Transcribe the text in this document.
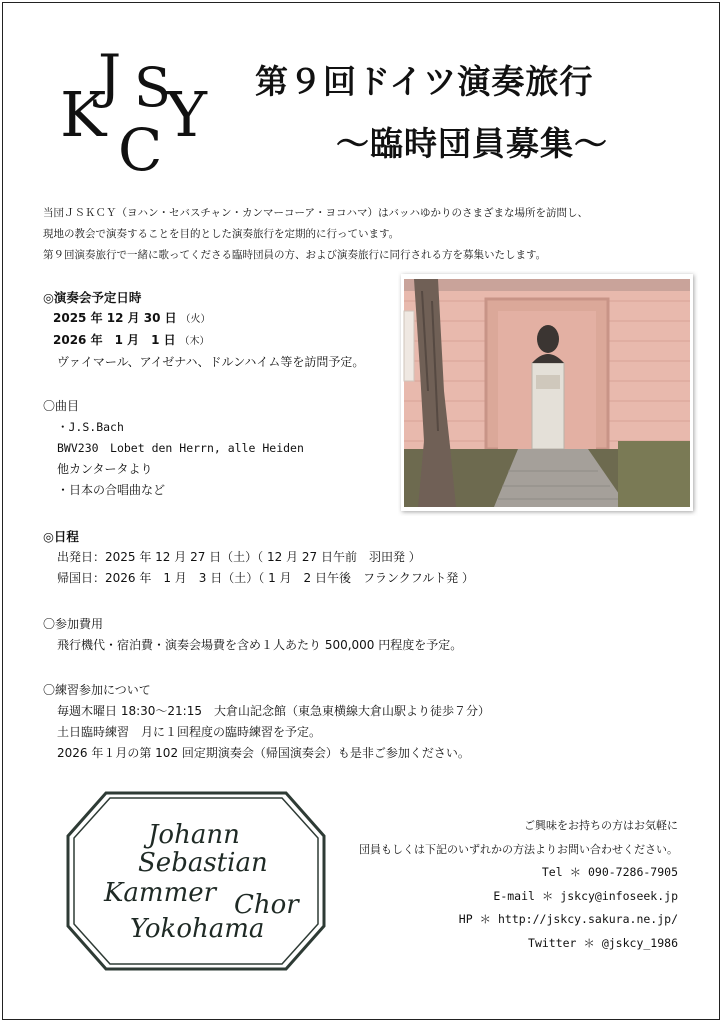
J S
K C Y 第９回ドイツ演奏旅行
～臨時団員募集～
当団ＪＳＫＣＹ（ヨハン・セバスチャン・カンマーコーア・ヨコハマ）はバッハゆかりのさまざまな場所を訪問し、
現地の教会で演奏することを目的とした演奏旅行を定期的に行っています。
第９回演奏旅行で一緒に歌ってくださる臨時団員の方、および演奏旅行に同行される方を募集いたします。
◎演奏会予定日時
2025 年 12 月 30 日 （火）
2026 年　1 月　1 日 （木）
ヴァイマール、アイゼナハ、ドルンハイム等を訪問予定。
〇曲目
・J.S.Bach
BWV230　Lobet den Herrn, alle Heiden
他カンタータより
・日本の合唱曲など
◎日程
出発日：2025 年 12 月 27 日（土）（ 12 月 27 日午前　羽田発 ）
帰国日：2026 年　1 月　3 日（土）（ 1 月　2 日午後　フランクフルト発 ）
〇参加費用
飛行機代・宿泊費・演奏会場費を含め１人あたり 500,000 円程度を予定。
〇練習参加について
毎週木曜日 18:30～21:15　大倉山記念館（東急東横線大倉山駅より徒歩７分）
土日臨時練習　月に１回程度の臨時練習を予定。
2026 年１月の第 102 回定期演奏会（帰国演奏会）も是非ご参加ください。
Johann
Sebastian
Kammer Chor
Yokohama
ご興味をお持ちの方はお気軽に
団員もしくは下記のいずれかの方法よりお問い合わせください。
Tel ＊ 090-7286-7905
E-mail ＊ jskcy@infoseek.jp
HP ＊ http://jskcy.sakura.ne.jp/
Twitter ＊ @jskcy_1986
